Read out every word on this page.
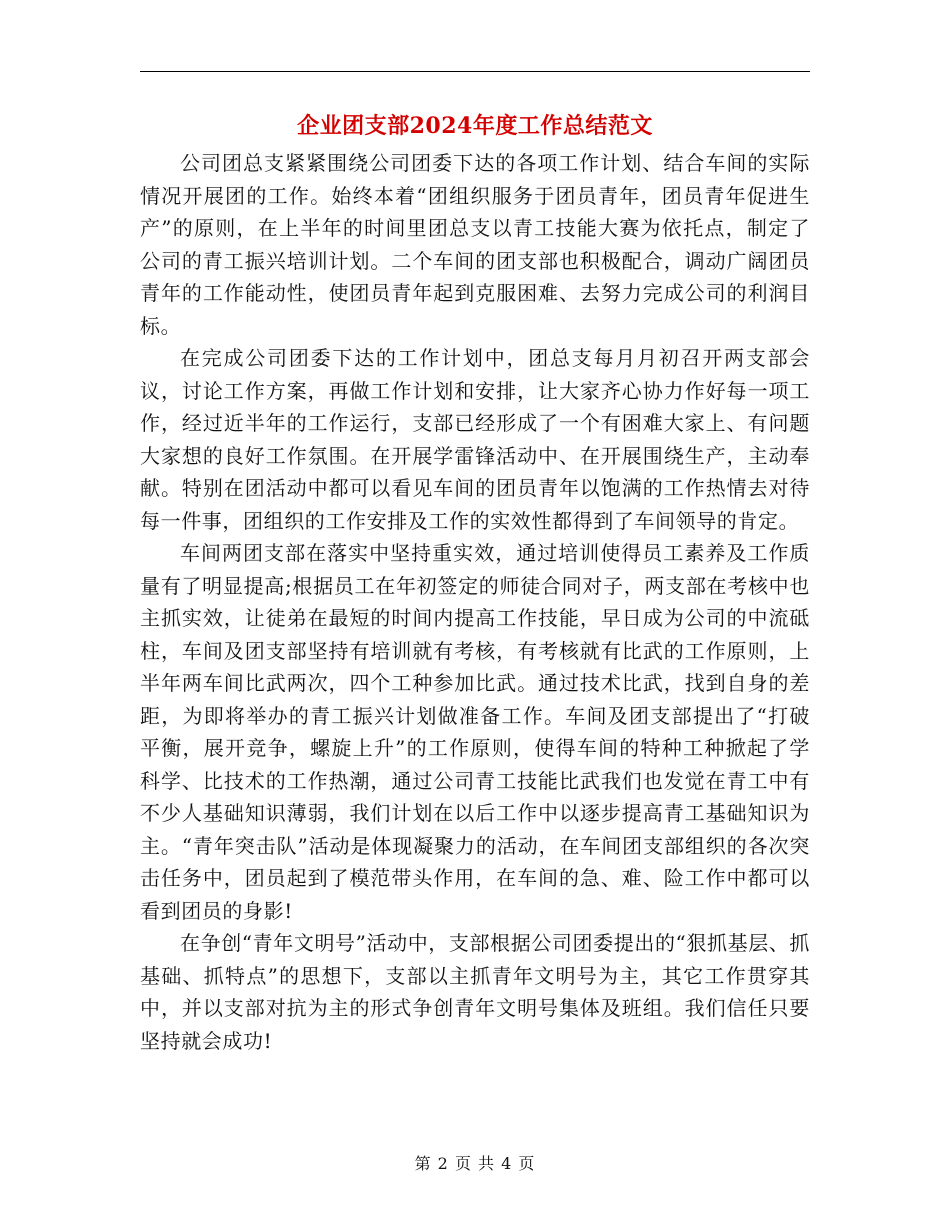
企业团支部2024年度工作总结范文

公司团总支紧紧围绕公司团委下达的各项工作计划、结合车间的实际情况开展团的工作。始终本着“团组织服务于团员青年，团员青年促进生产”的原则，在上半年的时间里团总支以青工技能大赛为依托点，制定了公司的青工振兴培训计划。二个车间的团支部也积极配合，调动广阔团员青年的工作能动性，使团员青年起到克服困难、去努力完成公司的利润目标。

在完成公司团委下达的工作计划中，团总支每月月初召开两支部会议，讨论工作方案，再做工作计划和安排，让大家齐心协力作好每一项工作，经过近半年的工作运行，支部已经形成了一个有困难大家上、有问题大家想的良好工作氛围。在开展学雷锋活动中、在开展围绕生产，主动奉献。特别在团活动中都可以看见车间的团员青年以饱满的工作热情去对待每一件事，团组织的工作安排及工作的实效性都得到了车间领导的肯定。

车间两团支部在落实中坚持重实效，通过培训使得员工素养及工作质量有了明显提高;根据员工在年初签定的师徒合同对子，两支部在考核中也主抓实效，让徒弟在最短的时间内提高工作技能，早日成为公司的中流砥柱，车间及团支部坚持有培训就有考核，有考核就有比武的工作原则，上半年两车间比武两次，四个工种参加比武。通过技术比武，找到自身的差距，为即将举办的青工振兴计划做准备工作。车间及团支部提出了“打破平衡，展开竞争，螺旋上升”的工作原则，使得车间的特种工种掀起了学科学、比技术的工作热潮，通过公司青工技能比武我们也发觉在青工中有不少人基础知识薄弱，我们计划在以后工作中以逐步提高青工基础知识为主。“青年突击队”活动是体现凝聚力的活动，在车间团支部组织的各次突击任务中，团员起到了模范带头作用，在车间的急、难、险工作中都可以看到团员的身影!

在争创“青年文明号”活动中，支部根据公司团委提出的“狠抓基层、抓基础、抓特点”的思想下，支部以主抓青年文明号为主，其它工作贯穿其中，并以支部对抗为主的形式争创青年文明号集体及班组。我们信任只要坚持就会成功!

第 2 页 共 4 页
